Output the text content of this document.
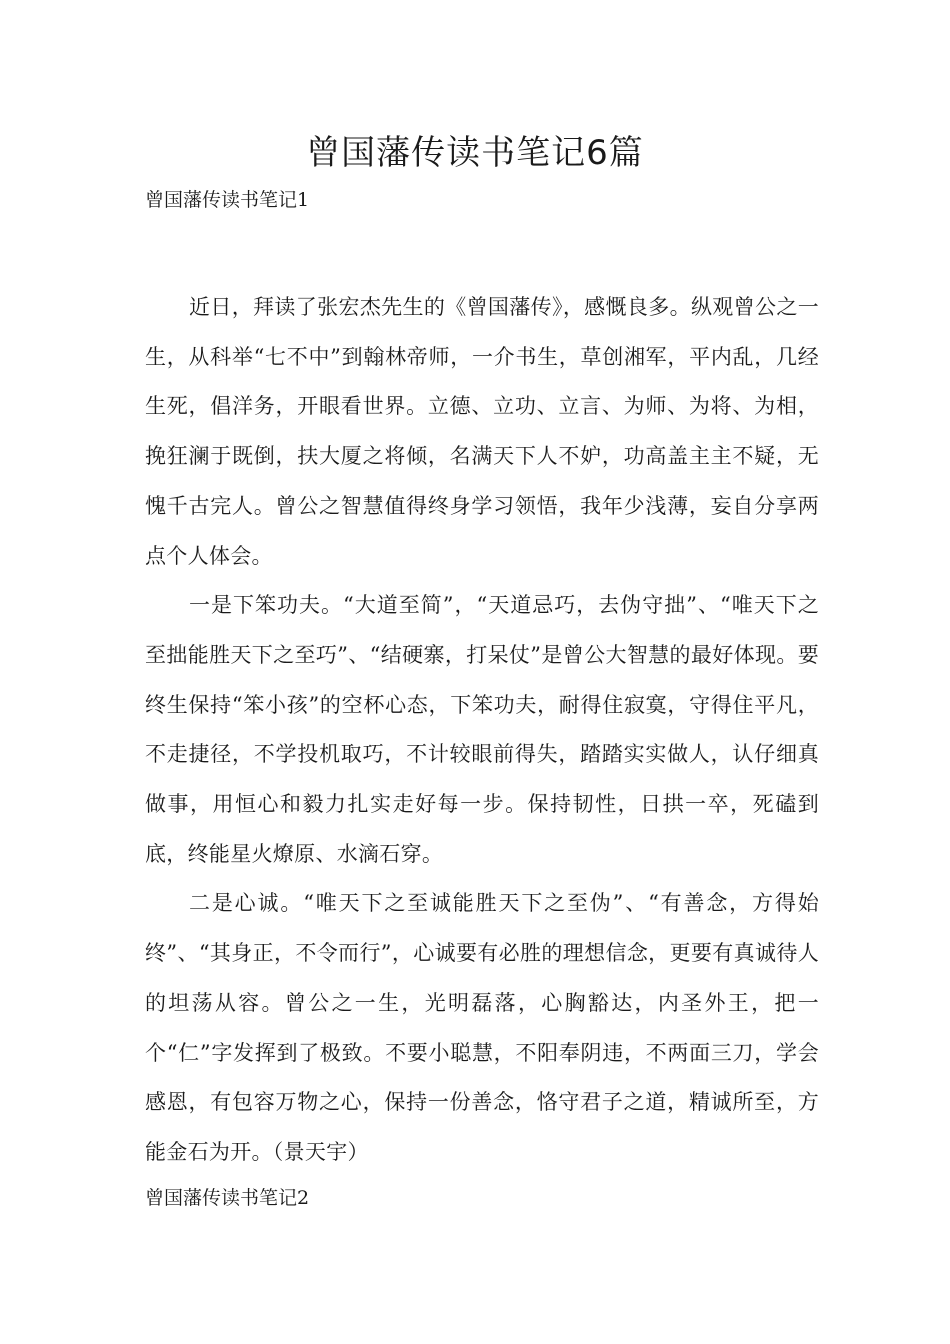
曾国藩传读书笔记6篇
曾国藩传读书笔记1

近日，拜读了张宏杰先生的《曾国藩传》，感慨良多。纵观曾公之一生，从科举“七不中”到翰林帝师，一介书生，草创湘军，平内乱，几经生死，倡洋务，开眼看世界。立德、立功、立言、为师、为将、为相，挽狂澜于既倒，扶大厦之将倾，名满天下人不妒，功高盖主主不疑，无愧千古完人。曾公之智慧值得终身学习领悟，我年少浅薄，妄自分享两点个人体会。

一是下笨功夫。“大道至简”，“天道忌巧，去伪守拙”、“唯天下之至拙能胜天下之至巧”、“结硬寨，打呆仗”是曾公大智慧的最好体现。要终生保持“笨小孩”的空杯心态，下笨功夫，耐得住寂寞，守得住平凡，不走捷径，不学投机取巧，不计较眼前得失，踏踏实实做人，认仔细真做事，用恒心和毅力扎实走好每一步。保持韧性，日拱一卒，死磕到底，终能星火燎原、水滴石穿。

二是心诚。“唯天下之至诚能胜天下之至伪”、“有善念，方得始终”、“其身正，不令而行”，心诚要有必胜的理想信念，更要有真诚待人的坦荡从容。曾公之一生，光明磊落，心胸豁达，内圣外王，把一个“仁”字发挥到了极致。不要小聪慧，不阳奉阴违，不两面三刀，学会感恩，有包容万物之心，保持一份善念，恪守君子之道，精诚所至，方能金石为开。（景天宇）

曾国藩传读书笔记2
